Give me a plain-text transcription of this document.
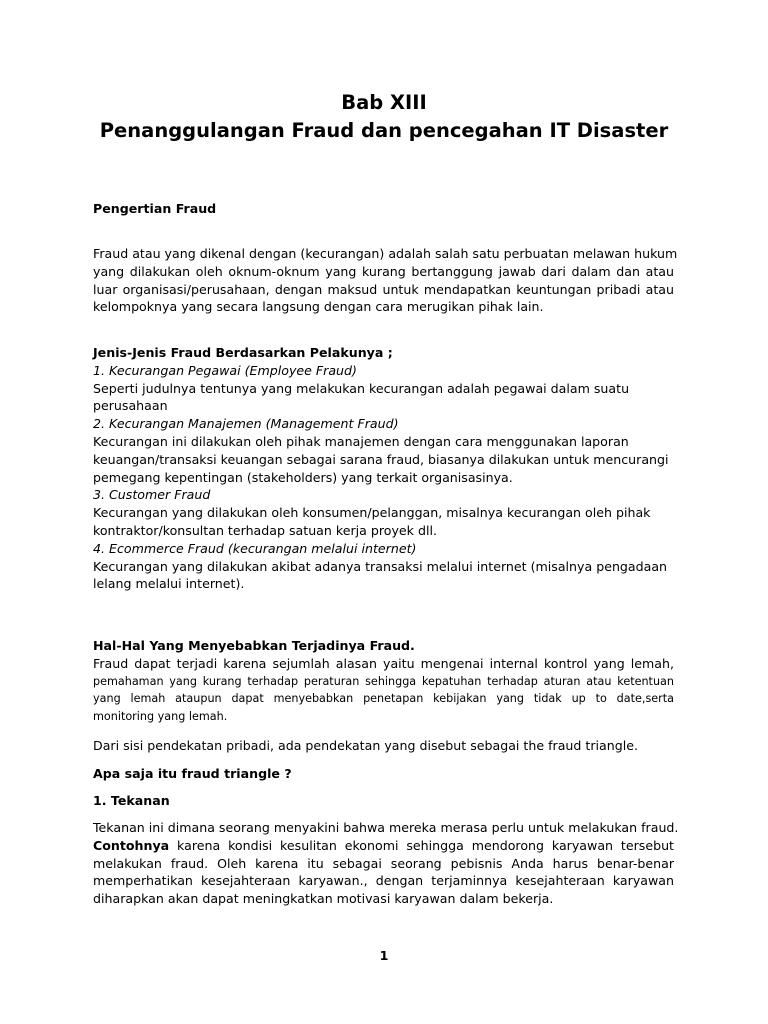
Bab XIII
Penanggulangan Fraud dan pencegahan IT Disaster
Pengertian Fraud
Fraud atau yang dikenal dengan (kecurangan) adalah salah satu perbuatan melawan hukum
yang dilakukan oleh oknum-oknum yang kurang bertanggung jawab dari dalam dan atau
luar organisasi/perusahaan, dengan maksud untuk mendapatkan keuntungan pribadi atau
kelompoknya yang secara langsung dengan cara merugikan pihak lain.
Jenis-Jenis Fraud Berdasarkan Pelakunya ;
1. Kecurangan Pegawai (Employee Fraud)
Seperti judulnya tentunya yang melakukan kecurangan adalah pegawai dalam suatu
perusahaan
2. Kecurangan Manajemen (Management Fraud)
Kecurangan ini dilakukan oleh pihak manajemen dengan cara menggunakan laporan
keuangan/transaksi keuangan sebagai sarana fraud, biasanya dilakukan untuk mencurangi
pemegang kepentingan (stakeholders) yang terkait organisasinya.
3. Customer Fraud
Kecurangan yang dilakukan oleh konsumen/pelanggan, misalnya kecurangan oleh pihak
kontraktor/konsultan terhadap satuan kerja proyek dll.
4. Ecommerce Fraud (kecurangan melalui internet)
Kecurangan yang dilakukan akibat adanya transaksi melalui internet (misalnya pengadaan
lelang melalui internet).
Hal-Hal Yang Menyebabkan Terjadinya Fraud.
Fraud dapat terjadi karena sejumlah alasan yaitu mengenai internal kontrol yang lemah,
pemahaman yang kurang terhadap peraturan sehingga kepatuhan terhadap aturan atau ketentuan
yang lemah ataupun dapat menyebabkan penetapan kebijakan yang tidak up to date,serta
monitoring yang lemah.
Dari sisi pendekatan pribadi, ada pendekatan yang disebut sebagai the fraud triangle.
Apa saja itu fraud triangle ?
1. Tekanan
Tekanan ini dimana seorang menyakini bahwa mereka merasa perlu untuk melakukan fraud.
Contohnya karena kondisi kesulitan ekonomi sehingga mendorong karyawan tersebut
melakukan fraud. Oleh karena itu sebagai seorang pebisnis Anda harus benar-benar
memperhatikan kesejahteraan karyawan., dengan terjaminnya kesejahteraan karyawan
diharapkan akan dapat meningkatkan motivasi karyawan dalam bekerja.
1
